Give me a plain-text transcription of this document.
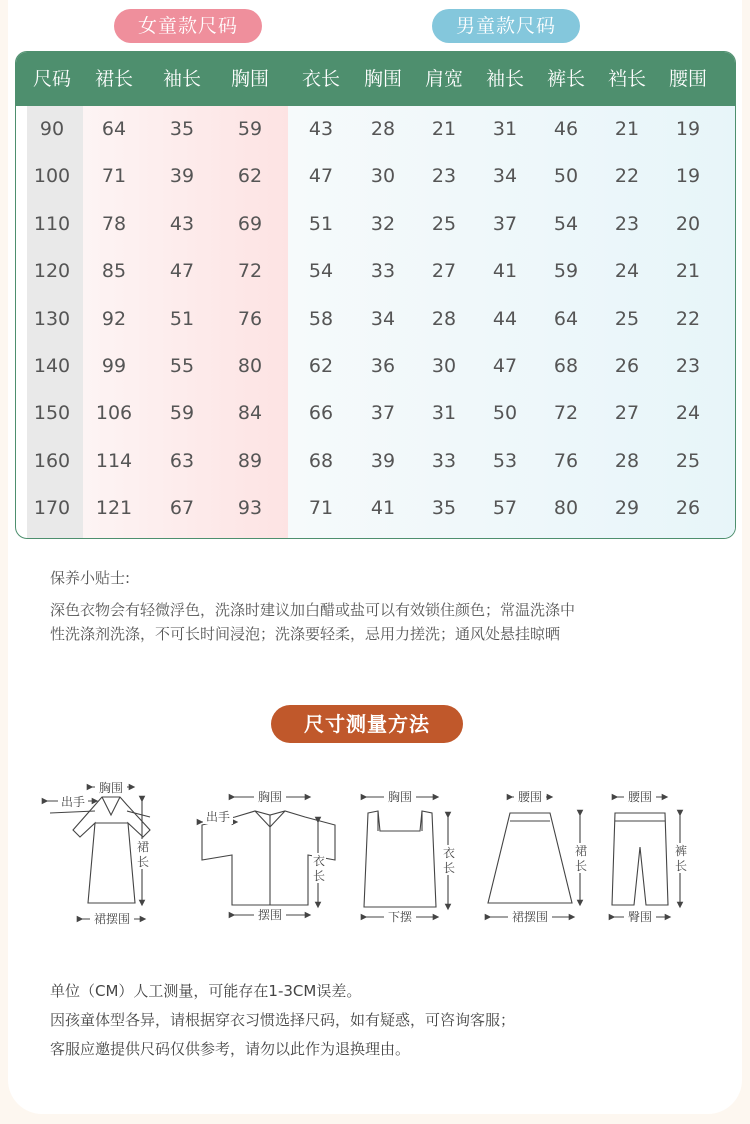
女童款尺码	男童款尺码
尺码	裙长	袖长	胸围	衣长	胸围	肩宽	袖长	裤长	裆长	腰围
90	64	35	59	43	28	21	31	46	21	19
100	71	39	62	47	30	23	34	50	22	19
110	78	43	69	51	32	25	37	54	23	20
120	85	47	72	54	33	27	41	59	24	21
130	92	51	76	58	34	28	44	64	25	22
140	99	55	80	62	36	30	47	68	26	23
150	106	59	84	66	37	31	50	72	27	24
160	114	63	89	68	39	33	53	76	28	25
170	121	67	93	71	41	35	57	80	29	26
保养小贴士:
深色衣物会有轻微浮色，洗涤时建议加白醋或盐可以有效锁住颜色；常温洗涤中
性洗涤剂洗涤，不可长时间浸泡；洗涤要轻柔，忌用力搓洗；通风处悬挂晾晒
尺寸测量方法
胸围
出手
裙
长
裙摆围
胸围
出手
衣
长
摆围
胸围
衣
长
下摆
腰围
裙
长
裙摆围
腰围
裤
长
臀围
单位（CM）人工测量，可能存在1-3CM误差。
因孩童体型各异，请根据穿衣习惯选择尺码，如有疑惑，可咨询客服；
客服应邀提供尺码仅供参考，请勿以此作为退换理由。
